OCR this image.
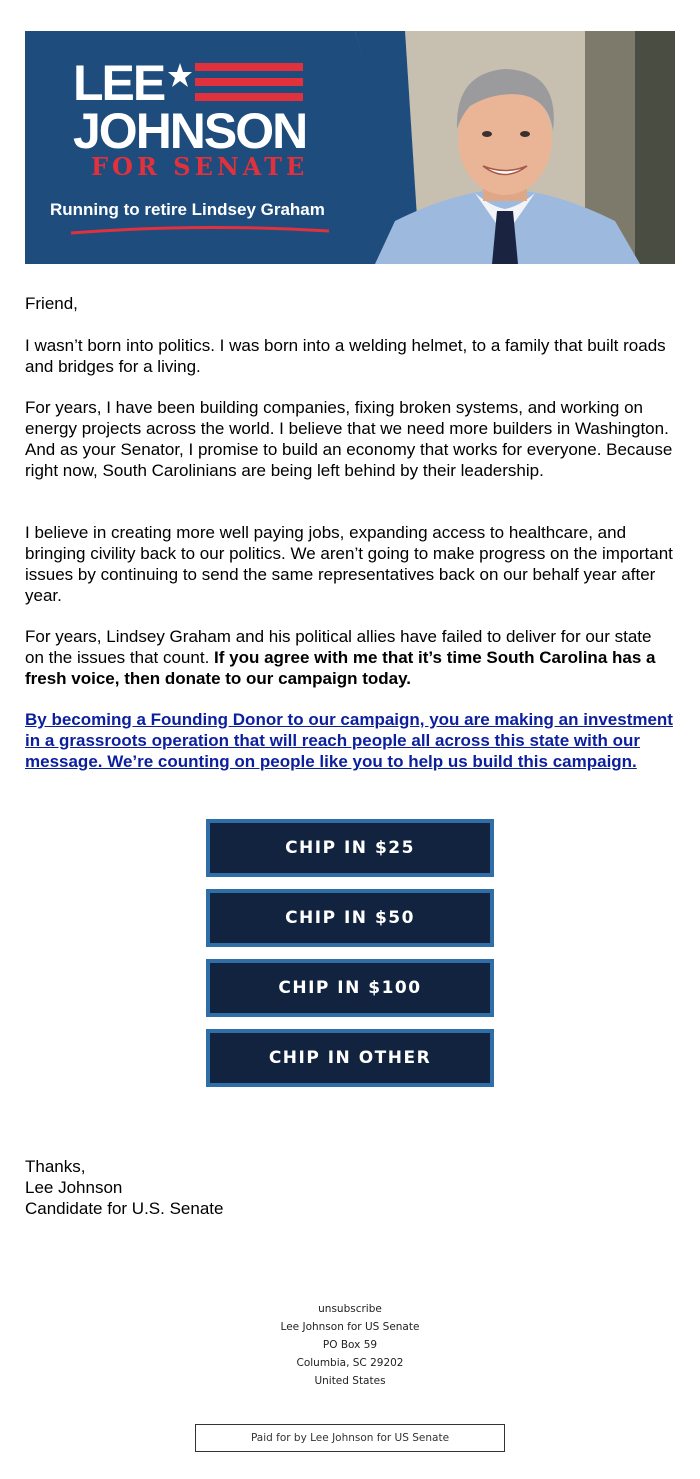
LEE
JOHNSON
FOR SENATE
Running to retire Lindsey Graham

Friend,

I wasn’t born into politics. I was born into a welding helmet, to a family that built roads and bridges for a living.

For years, I have been building companies, fixing broken systems, and working on energy projects across the world. I believe that we need more builders in Washington. And as your Senator, I promise to build an economy that works for everyone. Because right now, South Carolinians are being left behind by their leadership.

I believe in creating more well paying jobs, expanding access to healthcare, and bringing civility back to our politics. We aren’t going to make progress on the important issues by continuing to send the same representatives back on our behalf year after year.

For years, Lindsey Graham and his political allies have failed to deliver for our state on the issues that count. If you agree with me that it’s time South Carolina has a fresh voice, then donate to our campaign today.

By becoming a Founding Donor to our campaign, you are making an investment in a grassroots operation that will reach people all across this state with our message. We’re counting on people like you to help us build this campaign.

CHIP IN $25
CHIP IN $50
CHIP IN $100
CHIP IN OTHER
Thanks,
Lee Johnson
Candidate for U.S. Senate
unsubscribe
Lee Johnson for US Senate
PO Box 59
Columbia, SC 29202
United States
Paid for by Lee Johnson for US Senate
